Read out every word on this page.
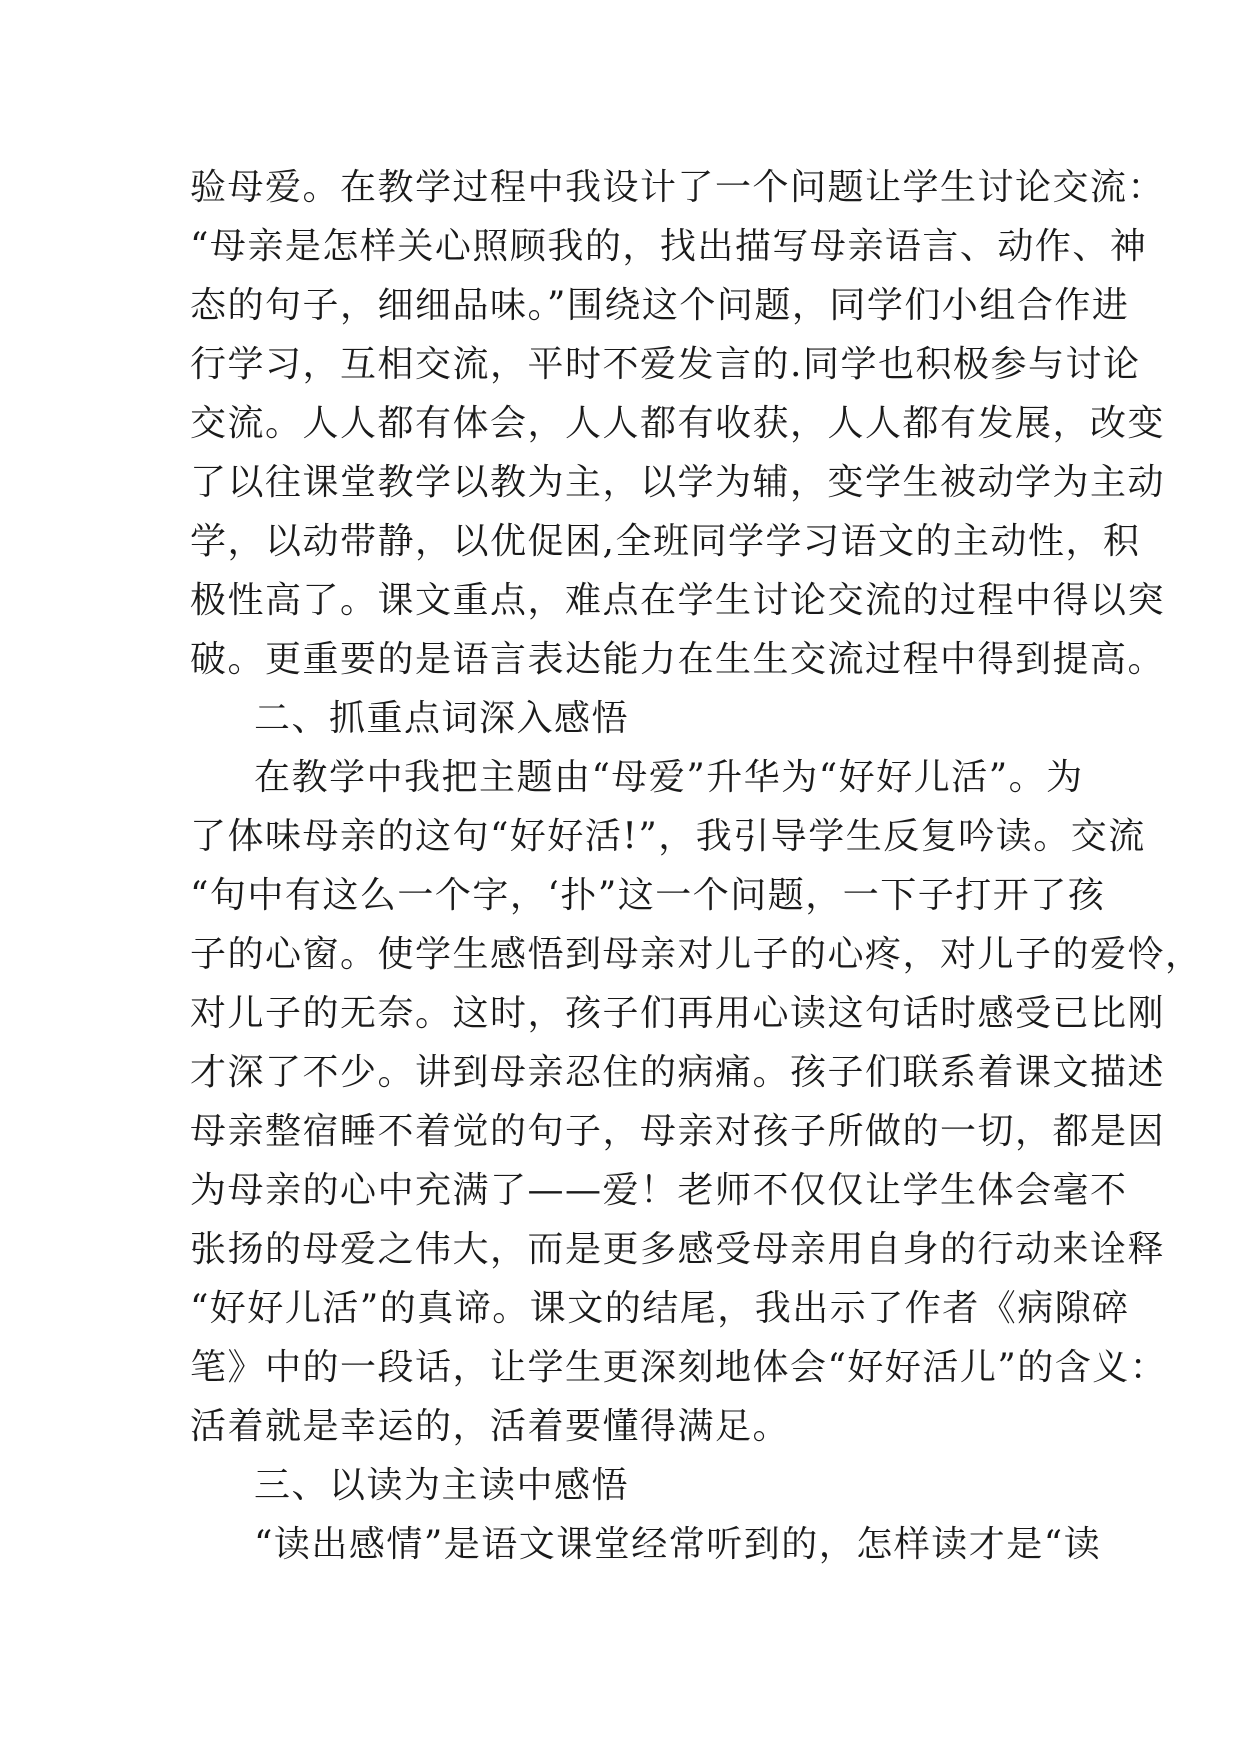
验母爱。在教学过程中我设计了一个问题让学生讨论交流：
“母亲是怎样关心照顾我的，找出描写母亲语言、动作、神
态的句子，细细品味。”围绕这个问题，同学们小组合作进
行学习，互相交流，平时不爱发言的.同学也积极参与讨论
交流。人人都有体会，人人都有收获，人人都有发展，改变
了以往课堂教学以教为主，以学为辅，变学生被动学为主动
学，以动带静，以优促困,全班同学学习语文的主动性，积
极性高了。课文重点，难点在学生讨论交流的过程中得以突
破。更重要的是语言表达能力在生生交流过程中得到提高。
二、抓重点词深入感悟
在教学中我把主题由“母爱”升华为“好好儿活”。为
了体味母亲的这句“好好活!”，我引导学生反复吟读。交流
“句中有这么一个字，‘扑”这一个问题，一下子打开了孩
子的心窗。使学生感悟到母亲对儿子的心疼，对儿子的爱怜，
对儿子的无奈。这时，孩子们再用心读这句话时感受已比刚
才深了不少。讲到母亲忍住的病痛。孩子们联系着课文描述
母亲整宿睡不着觉的句子，母亲对孩子所做的一切，都是因
为母亲的心中充满了——爱！老师不仅仅让学生体会毫不
张扬的母爱之伟大，而是更多感受母亲用自身的行动来诠释
“好好儿活”的真谛。课文的结尾，我出示了作者《病隙碎
笔》中的一段话，让学生更深刻地体会“好好活儿”的含义：
活着就是幸运的，活着要懂得满足。
三、以读为主读中感悟
“读出感情”是语文课堂经常听到的，怎样读才是“读
